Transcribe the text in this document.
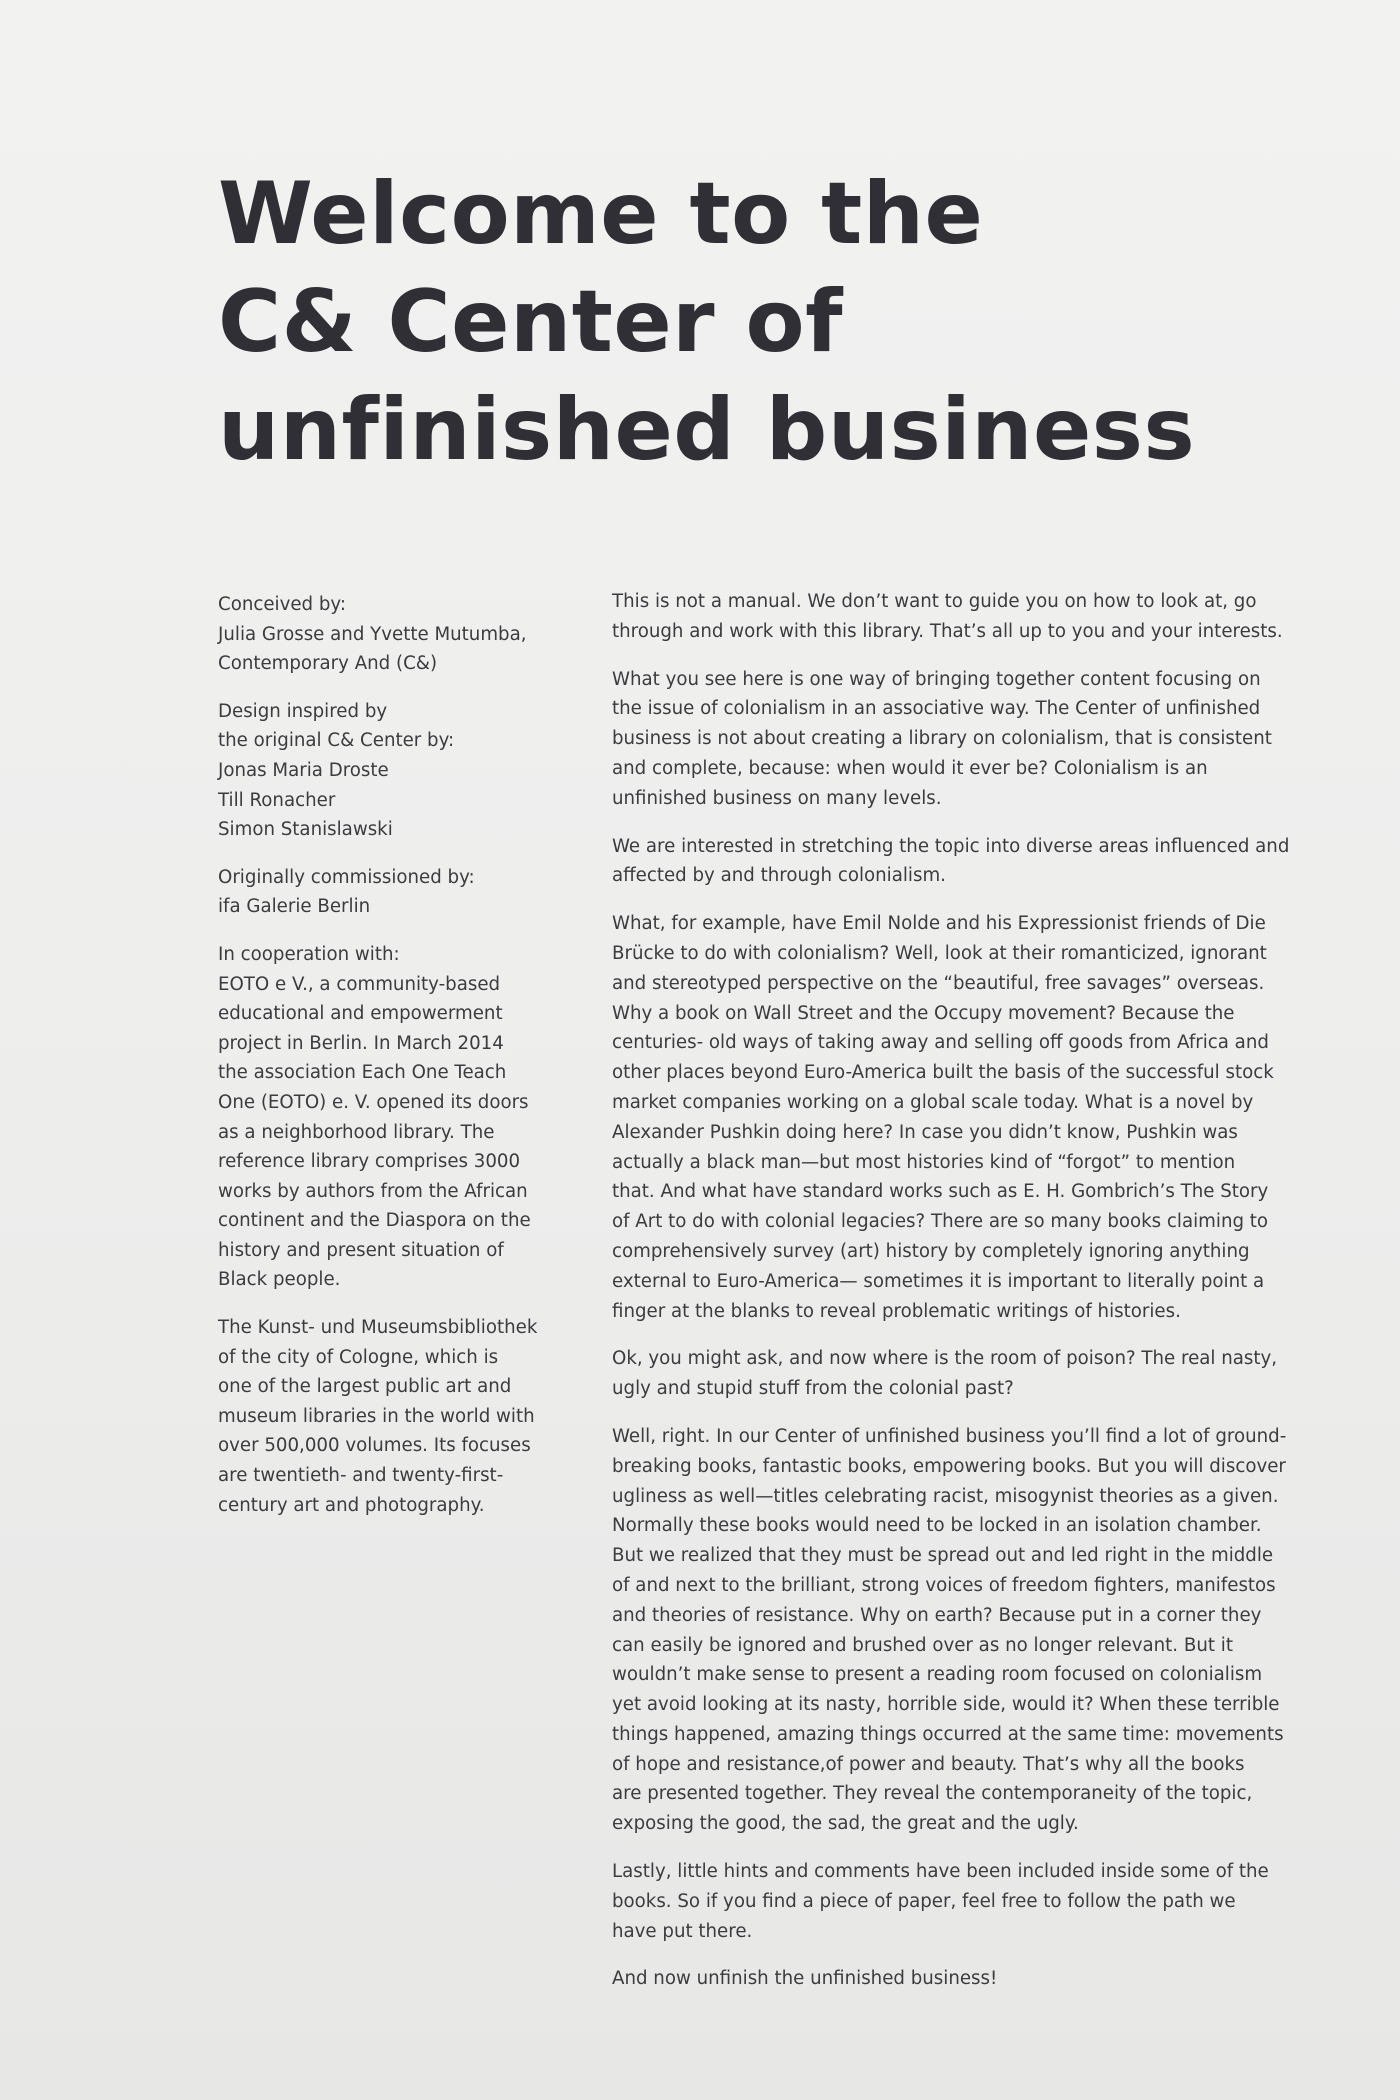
Welcome to the
C& Center of
unfinished business
Conceived by:
Julia Grosse and Yvette Mutumba,
Contemporary And (C&)
Design inspired by
the original C& Center by:
Jonas Maria Droste
Till Ronacher
Simon Stanislawski
Originally commissioned by:
ifa Galerie Berlin
In cooperation with:
EOTO e V., a community-based
educational and empowerment
project in Berlin. In March 2014
the association Each One Teach
One (EOTO) e. V. opened its doors
as a neighborhood library. The
reference library comprises 3000
works by authors from the African
continent and the Diaspora on the
history and present situation of
Black people.
The Kunst- und Museumsbibliothek
of the city of Cologne, which is
one of the largest public art and
museum libraries in the world with
over 500,000 volumes. Its focuses
are twentieth- and twenty-first-
century art and photography.
This is not a manual. We don’t want to guide you on how to look at, go
through and work with this library. That’s all up to you and your interests.
What you see here is one way of bringing together content focusing on
the issue of colonialism in an associative way. The Center of unfinished
business is not about creating a library on colonialism, that is consistent
and complete, because: when would it ever be? Colonialism is an
unfinished business on many levels.
We are interested in stretching the topic into diverse areas influenced and
affected by and through colonialism.
What, for example, have Emil Nolde and his Expressionist friends of Die
Brücke to do with colonialism? Well, look at their romanticized, ignorant
and stereotyped perspective on the “beautiful, free savages” overseas.
Why a book on Wall Street and the Occupy movement? Because the
centuries- old ways of taking away and selling off goods from Africa and
other places beyond Euro-America built the basis of the successful stock
market companies working on a global scale today. What is a novel by
Alexander Pushkin doing here? In case you didn’t know, Pushkin was
actually a black man—but most histories kind of “forgot” to mention
that. And what have standard works such as E. H. Gombrich’s The Story
of Art to do with colonial legacies? There are so many books claiming to
comprehensively survey (art) history by completely ignoring anything
external to Euro-America— sometimes it is important to literally point a
finger at the blanks to reveal problematic writings of histories.
Ok, you might ask, and now where is the room of poison? The real nasty,
ugly and stupid stuff from the colonial past?
Well, right. In our Center of unfinished business you’ll find a lot of ground-
breaking books, fantastic books, empowering books. But you will discover
ugliness as well—titles celebrating racist, misogynist theories as a given.
Normally these books would need to be locked in an isolation chamber.
But we realized that they must be spread out and led right in the middle
of and next to the brilliant, strong voices of freedom fighters, manifestos
and theories of resistance. Why on earth? Because put in a corner they
can easily be ignored and brushed over as no longer relevant. But it
wouldn’t make sense to present a reading room focused on colonialism
yet avoid looking at its nasty, horrible side, would it? When these terrible
things happened, amazing things occurred at the same time: movements
of hope and resistance,of power and beauty. That’s why all the books
are presented together. They reveal the contemporaneity of the topic,
exposing the good, the sad, the great and the ugly.
Lastly, little hints and comments have been included inside some of the
books. So if you find a piece of paper, feel free to follow the path we
have put there.
And now unfinish the unfinished business!
